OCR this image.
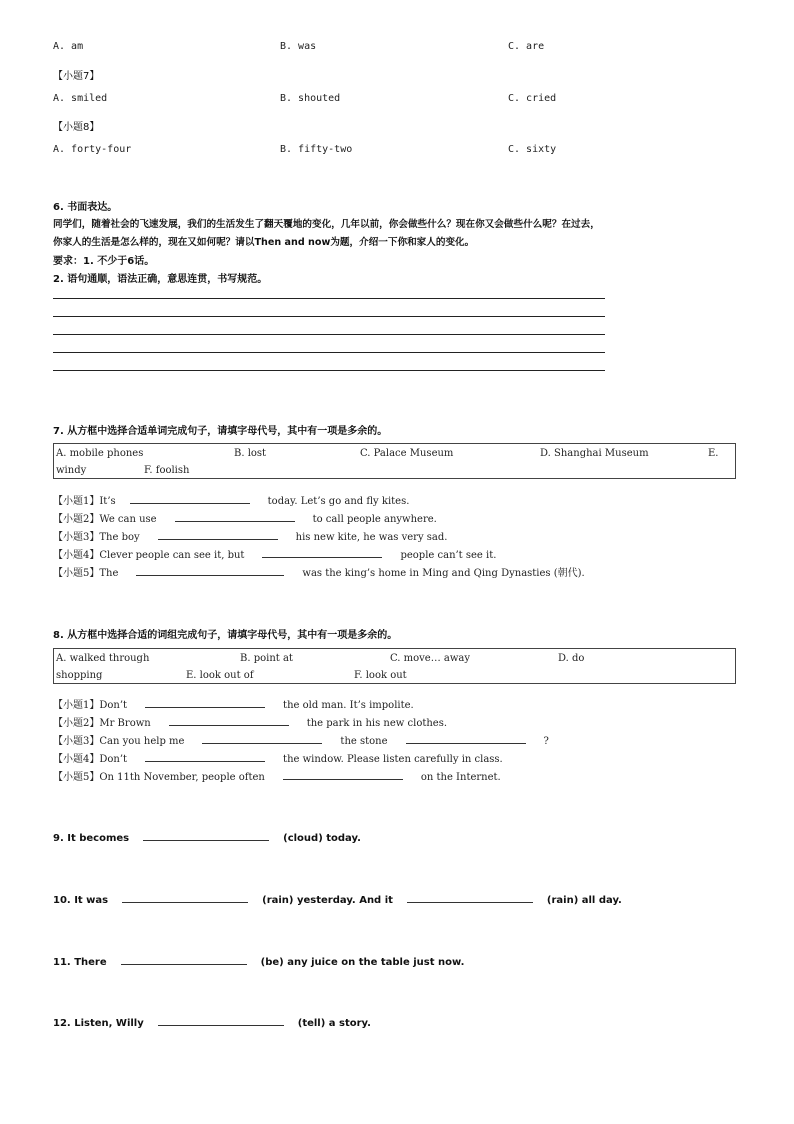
A. am	B. was	C. are
【小题7】
A. smiled	B. shouted	C. cried
【小题8】
A. forty-four	B. fifty-two	C. sixty
6. 书面表达。
同学们，随着社会的飞速发展，我们的生活发生了翻天覆地的变化，几年以前，你会做些什么？现在你又会做些什么呢？在过去，
你家人的生活是怎么样的，现在又如何呢？请以Then and now为题，介绍一下你和家人的变化。
要求：1. 不少于6话。
2. 语句通顺，语法正确，意思连贯，书写规范。
7. 从方框中选择合适单词完成句子，请填字母代号，其中有一项是多余的。
A. mobile phones	B. lost	C. Palace Museum	D. Shanghai Museum	E.
windy	F. foolish
【小题1】It’s	today. Let’s go and fly kites.
【小题2】We can use	to call people anywhere.
【小题3】The boy	his new kite, he was very sad.
【小题4】Clever people can see it, but	people can’t see it.
【小题5】The	was the king’s home in Ming and Qing Dynasties (朝代).
8. 从方框中选择合适的词组完成句子，请填字母代号，其中有一项是多余的。
A. walked through	B. point at	C. move… away	D. do
shopping	E. look out of	F. look out
【小题1】Don’t	the old man. It’s impolite.
【小题2】Mr Brown	the park in his new clothes.
【小题3】Can you help me	the stone	?
【小题4】Don’t	the window. Please listen carefully in class.
【小题5】On 11th November, people often	on the Internet.
9. It becomes	(cloud) today.
10. It was	(rain) yesterday. And it	(rain) all day.
11. There	(be) any juice on the table just now.
12. Listen, Willy	(tell) a story.
